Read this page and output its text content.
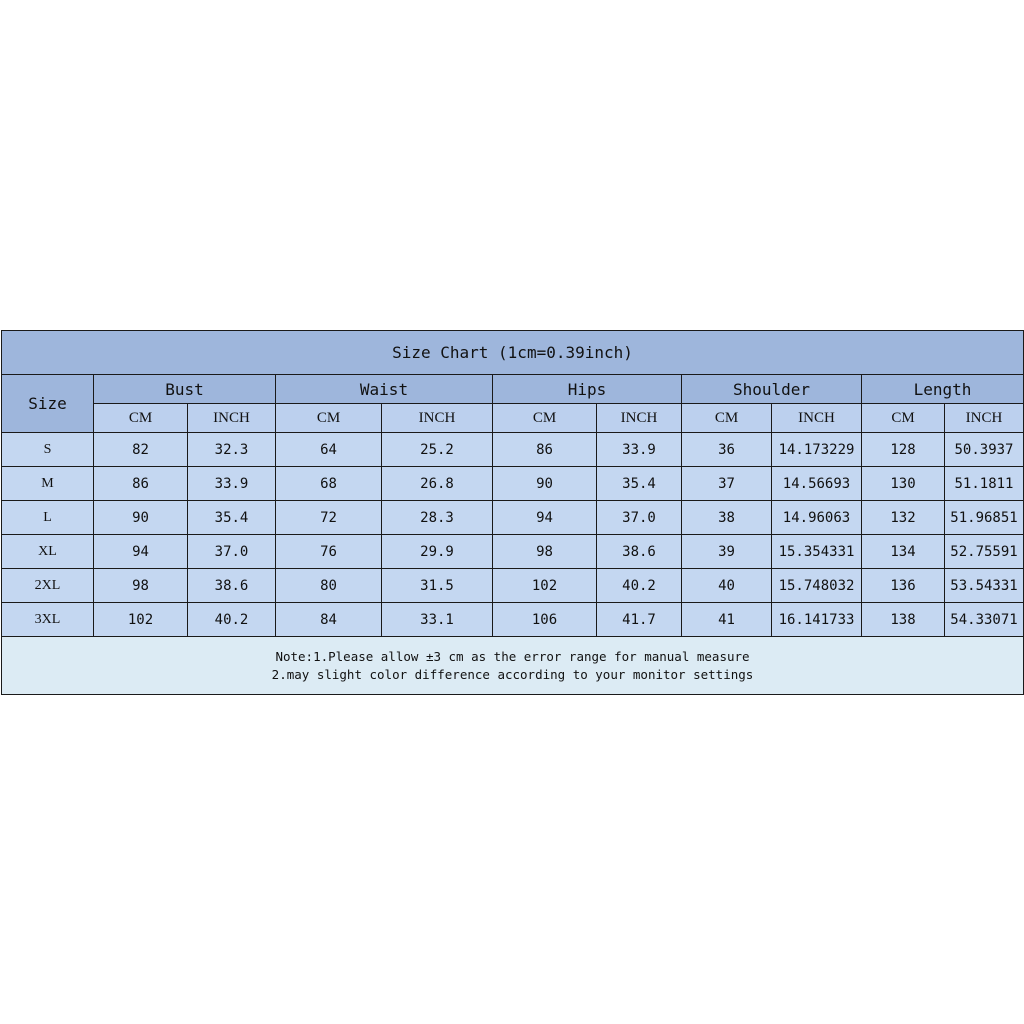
Size Chart (1cm=0.39inch)										
Size	Bust		Waist		Hips		Shoulder		Length	
	CM	INCH	CM	INCH	CM	INCH	CM	INCH	CM	INCH
S	82	32.3	64	25.2	86	33.9	36	14.173229	128	50.3937
M	86	33.9	68	26.8	90	35.4	37	14.56693	130	51.1811
L	90	35.4	72	28.3	94	37.0	38	14.96063	132	51.96851
XL	94	37.0	76	29.9	98	38.6	39	15.354331	134	52.75591
2XL	98	38.6	80	31.5	102	40.2	40	15.748032	136	53.54331
3XL	102	40.2	84	33.1	106	41.7	41	16.141733	138	54.33071

Note:1.Please allow ±3 cm as the error range for manual measure
2.may slight color difference according to your monitor settings										
